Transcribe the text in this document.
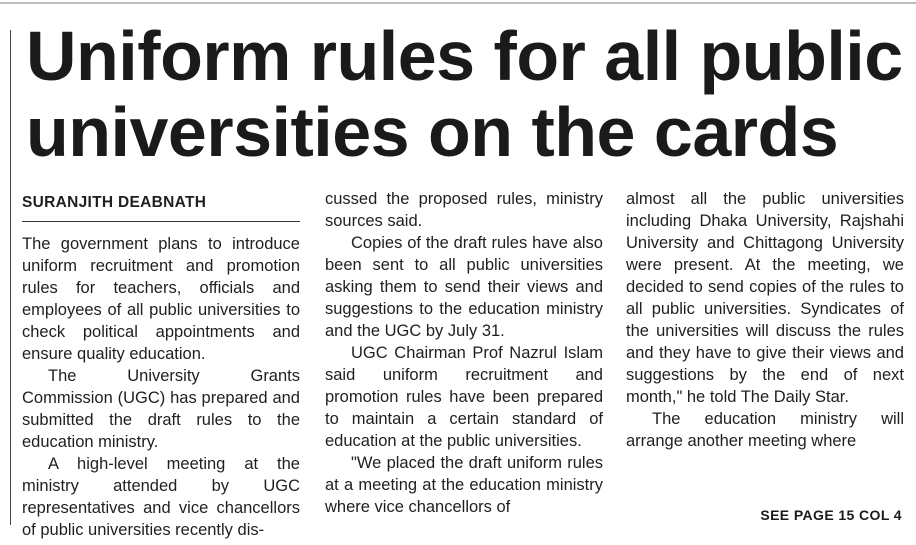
Uniform rules for all public universities on the cards
SURANJITH DEABNATH

The government plans to introduce uniform recruitment and promotion rules for teachers, officials and employees of all public universities to check political appointments and ensure quality education.

The University Grants Commission (UGC) has prepared and submitted the draft rules to the education ministry.

A high-level meeting at the ministry attended by UGC representatives and vice chancellors of public universities recently dis-

cussed the proposed rules, ministry sources said.

Copies of the draft rules have also been sent to all public universities asking them to send their views and suggestions to the education ministry and the UGC by July 31.

UGC Chairman Prof Nazrul Islam said uniform recruitment and promotion rules have been prepared to maintain a certain standard of education at the public universities.

"We placed the draft uniform rules at a meeting at the education ministry where vice chancellors of

almost all the public universities including Dhaka University, Rajshahi University and Chittagong University were present. At the meeting, we decided to send copies of the rules to all public universities. Syndicates of the universities will discuss the rules and they have to give their views and suggestions by the end of next month," he told The Daily Star.

The education ministry will arrange another meeting where

SEE PAGE 15 COL 4
